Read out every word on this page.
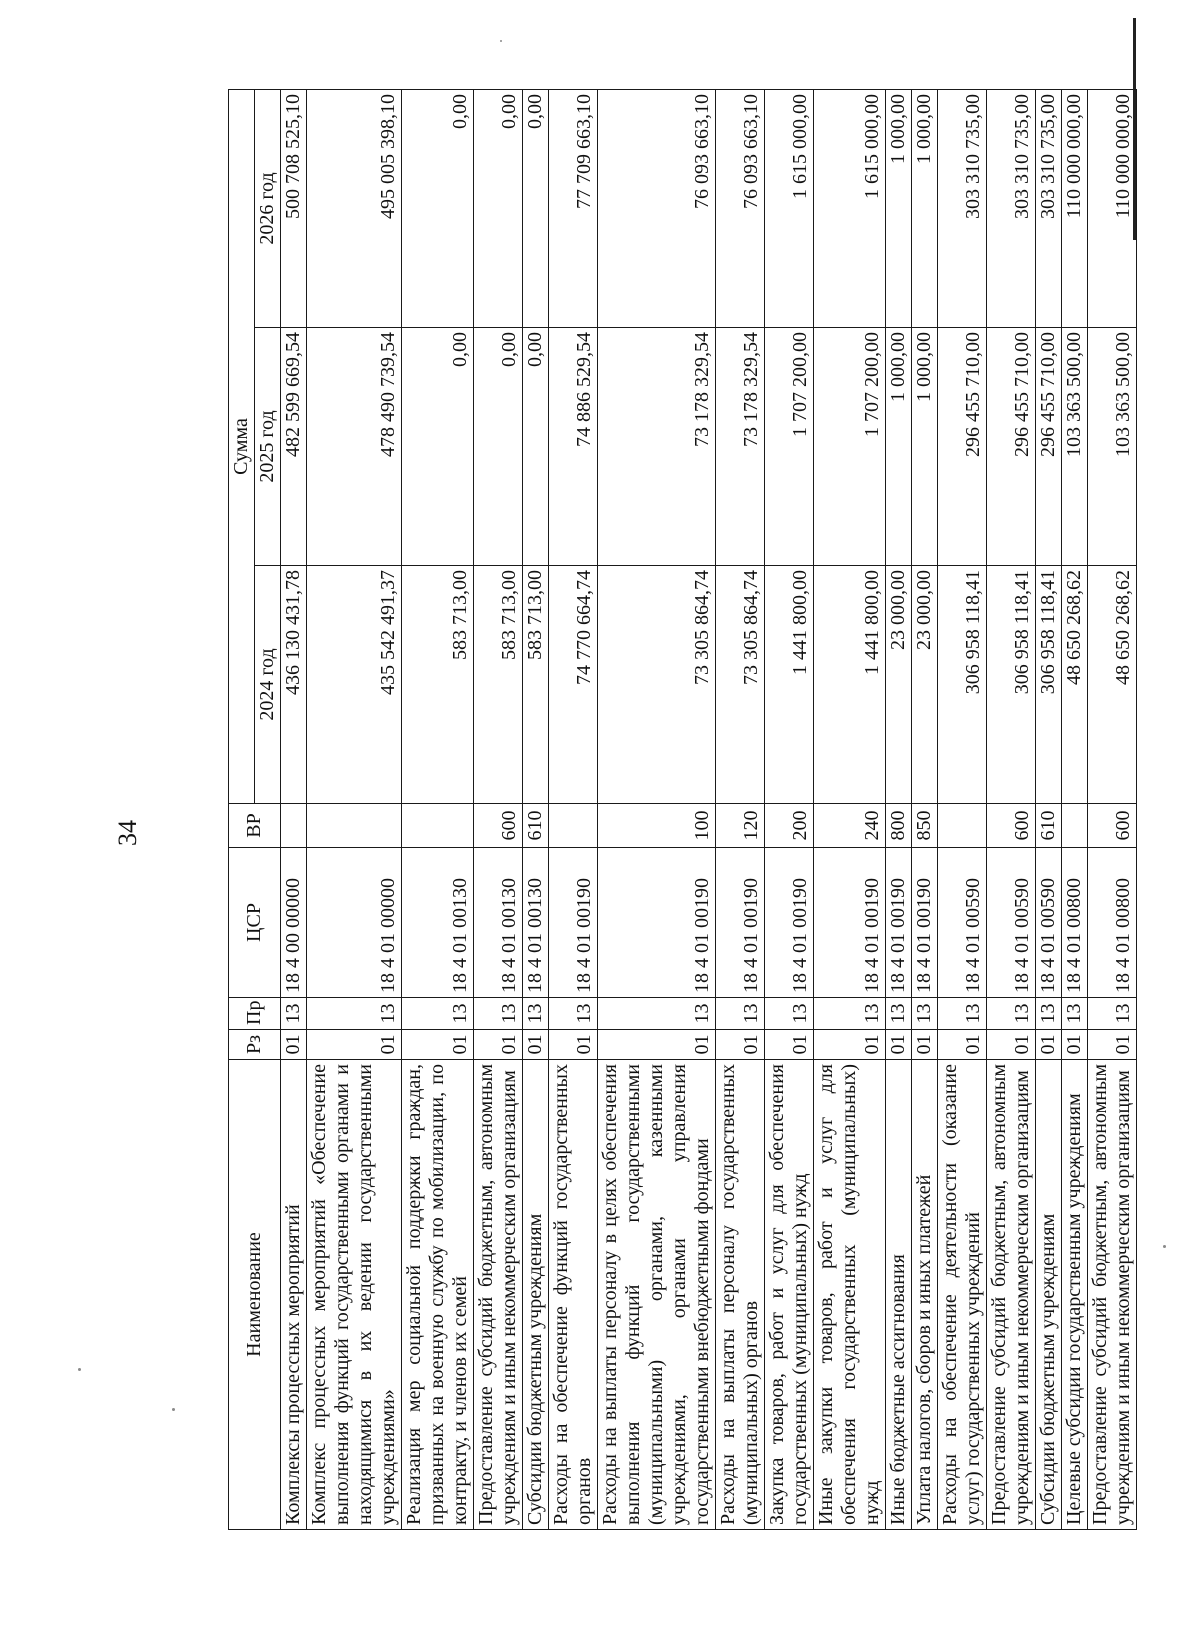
34
Наименование	Рз	Пр	ЦСР	ВР	Сумма		
					2024 год	2025 год	2026 год
Комплексы процессных мероприятий	01	13	18 4 00 00000		436 130 431,78	482 599 669,54	500 708 525,10
Комплекс процессных мероприятий «Обеспечение выполнения функций государственными органами и находящимися в их ведении государственными учреждениями»	01	13	18 4 01 00000		435 542 491,37	478 490 739,54	495 005 398,10
Реализация мер социальной поддержки граждан, призванных на военную службу по мобилизации, по контракту, и членов их семей	01	13	18 4 01 00130		583 713,00	0,00	0,00
Предоставление субсидий бюджетным, автономным учреждениям и иным некоммерческим организациям	01	13	18 4 01 00130	600	583 713,00	0,00	0,00
Субсидии бюджетным учреждениям	01	13	18 4 01 00130	610	583 713,00	0,00	0,00
Расходы на обеспечение функций государственных органов	01	13	18 4 01 00190		74 770 664,74	74 886 529,54	77 709 663,10
Расходы на выплаты персоналу в целях обеспечения выполнения функций государственными (муниципальными) органами, казенными учреждениями, органами управления государственными внебюджетными фондами	01	13	18 4 01 00190	100	73 305 864,74	73 178 329,54	76 093 663,10
Расходы на выплаты персоналу государственных (муниципальных) органов	01	13	18 4 01 00190	120	73 305 864,74	73 178 329,54	76 093 663,10
Закупка товаров, работ и услуг для обеспечения государственных (муниципальных) нужд	01	13	18 4 01 00190	200	1 441 800,00	1 707 200,00	1 615 000,00
Иные закупки товаров, работ и услуг для обеспечения государственных (муниципальных) нужд	01	13	18 4 01 00190	240	1 441 800,00	1 707 200,00	1 615 000,00
Иные бюджетные ассигнования	01	13	18 4 01 00190	800	23 000,00	1 000,00	1 000,00
Уплата налогов, сборов и иных платежей	01	13	18 4 01 00190	850	23 000,00	1 000,00	1 000,00
Расходы на обеспечение деятельности (оказание услуг) государственных учреждений	01	13	18 4 01 00590		306 958 118,41	296 455 710,00	303 310 735,00
Предоставление субсидий бюджетным, автономным учреждениям и иным некоммерческим организациям	01	13	18 4 01 00590	600	306 958 118,41	296 455 710,00	303 310 735,00
Субсидии бюджетным учреждениям	01	13	18 4 01 00590	610	306 958 118,41	296 455 710,00	303 310 735,00
Целевые субсидии государственным учреждениям	01	13	18 4 01 00800		48 650 268,62	103 363 500,00	110 000 000,00
Предоставление субсидий бюджетным, автономным учреждениям и иным некоммерческим организациям	01	13	18 4 01 00800	600	48 650 268,62	103 363 500,00	110 000 000,00
